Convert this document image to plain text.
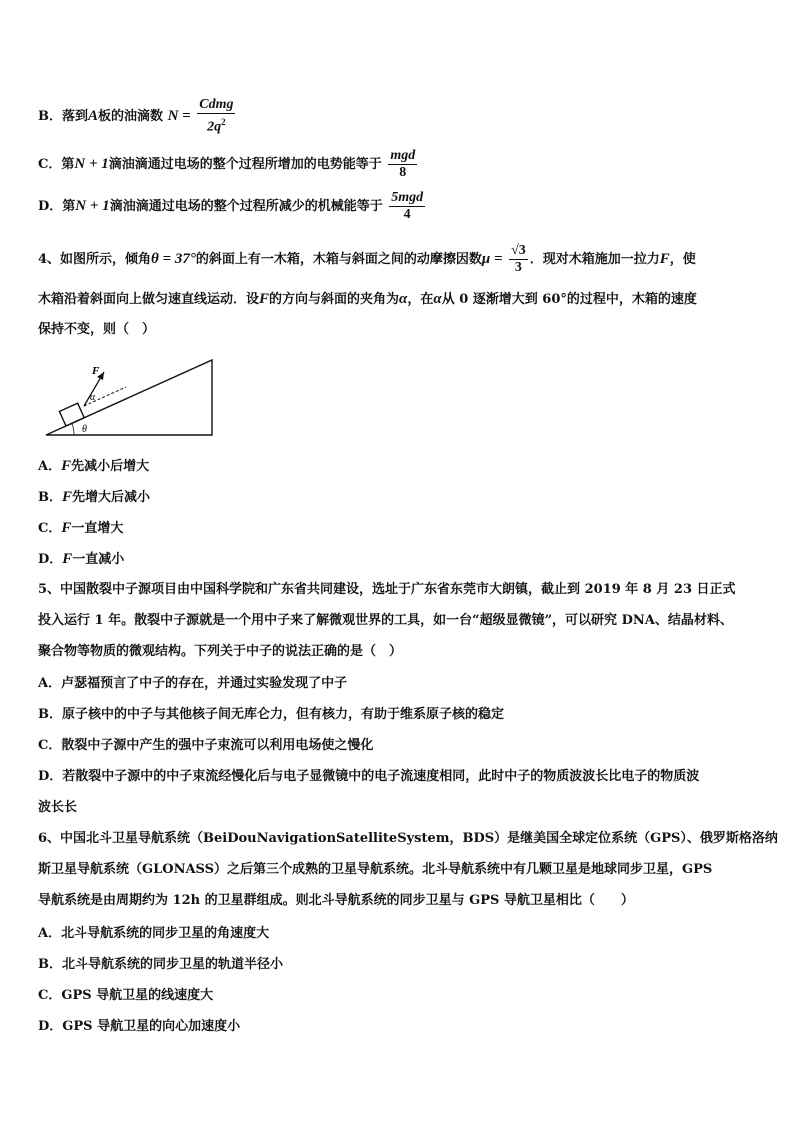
B．落到A板的油滴数 $N = \frac{\text{Cdmg}}{2q^2}$
C．第N + 1滴油滴通过电场的整个过程所增加的电势能等于 $\frac{\text{mgd}}{8}$
D．第N + 1滴油滴通过电场的整个过程所减少的机械能等于 $\frac{\text{5mgd}}{4}$
4、如图所示，倾角θ = 37°的斜面上有一木箱，木箱与斜面之间的动摩擦因数$\mu = \frac{√3}{3}$ ．现对木箱施加一拉力F，使
木箱沿着斜面向上做匀速直线运动．设F的方向与斜面的夹角为α，在α从 0 逐渐增大到 60°的过程中，木箱的速度
保持不变，则（　）
F
α
θ
A．F先减小后增大
B．F先增大后减小
C．F一直增大
D．F一直减小
5、中国散裂中子源项目由中国科学院和广东省共同建设，选址于广东省东莞市大朗镇，截止到 2019 年 8 月 23 日正式
投入运行 1 年。散裂中子源就是一个用中子来了解微观世界的工具，如一台“超级显微镜”，可以研究 DNA、结晶材料、
聚合物等物质的微观结构。下列关于中子的说法正确的是（　）
A．卢瑟福预言了中子的存在，并通过实验发现了中子
B．原子核中的中子与其他核子间无库仑力，但有核力，有助于维系原子核的稳定
C．散裂中子源中产生的强中子束流可以利用电场使之慢化
D．若散裂中子源中的中子束流经慢化后与电子显微镜中的电子流速度相同，此时中子的物质波波长比电子的物质波
波长长
6、中国北斗卫星导航系统（BeiDouNavigationSatelliteSystem，BDS）是继美国全球定位系统（GPS）、俄罗斯格洛纳
斯卫星导航系统（GLONASS）之后第三个成熟的卫星导航系统。北斗导航系统中有几颗卫星是地球同步卫星，GPS
导航系统是由周期约为 12h 的卫星群组成。则北斗导航系统的同步卫星与 GPS 导航卫星相比（　　）
A．北斗导航系统的同步卫星的角速度大
B．北斗导航系统的同步卫星的轨道半径小
C．GPS 导航卫星的线速度大
D．GPS 导航卫星的向心加速度小
